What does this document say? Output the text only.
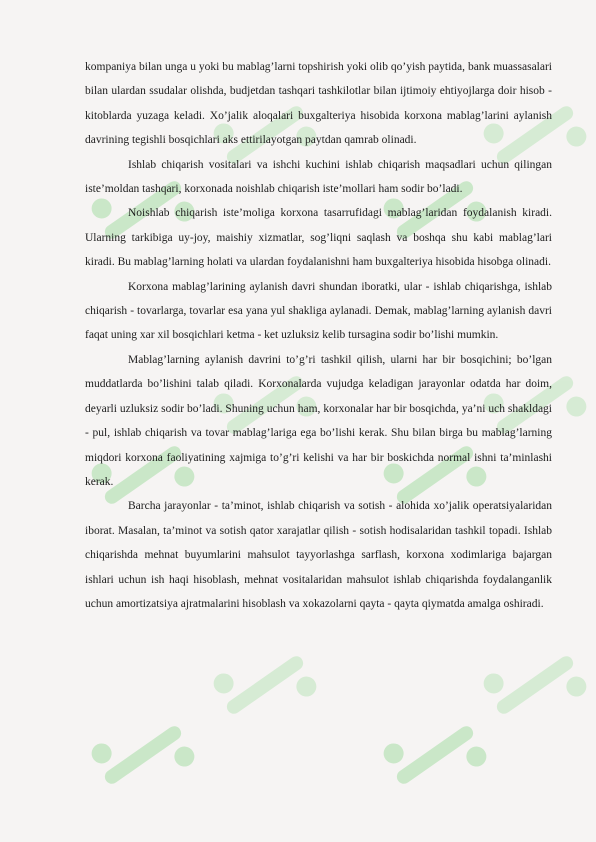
kompaniya bilan unga u yoki bu mablag’larni topshirish yoki olib qo’yish paytida, bank muassasalari bilan ulardan ssudalar olishda, budjetdan tashqari tashkilotlar bilan ijtimoiy ehtiyojlarga doir hisob - kitoblarda yuzaga keladi. Xo’jalik aloqalari buxgalteriya hisobida korxona mablag’larini aylanish davrining tegishli bosqichlari aks ettirilayotgan paytdan qamrab olinadi.

Ishlab chiqarish vositalari va ishchi kuchini ishlab chiqarish maqsadlari uchun qilingan iste’moldan tashqari, korxonada noishlab chiqarish iste’mollari ham sodir bo’ladi.

Noishlab chiqarish iste’moliga korxona tasarrufidagi mablag’laridan foydalanish kiradi. Ularning tarkibiga uy-joy, maishiy xizmatlar, sog’liqni saqlash va boshqa shu kabi mablag’lari kiradi. Bu mablag’larning holati va ulardan foydalanishni ham buxgalteriya hisobida hisobga olinadi.

Korxona mablag’larining aylanish davri shundan iboratki, ular - ishlab chiqarishga, ishlab chiqarish - tovarlarga, tovarlar esa yana yul shakliga aylanadi. Demak, mablag’larning aylanish davri faqat uning xar xil bosqichlari ketma - ket uzluksiz kelib tursagina sodir bo’lishi mumkin.

Mablag’larning aylanish davrini to’g’ri tashkil qilish, ularni har bir bosqichini; bo’lgan muddatlarda bo’lishini talab qiladi. Korxonalarda vujudga keladigan jarayonlar odatda har doim, deyarli uzluksiz sodir bo’ladi. Shuning uchun ham, korxonalar har bir bosqichda, ya’ni uch shakldagi - pul, ishlab chiqarish va tovar mablag’lariga ega bo’lishi kerak. Shu bilan birga bu mablag’larning miqdori korxona faoliyatining xajmiga to’g’ri kelishi va har bir boskichda normal ishni ta’minlashi kerak.

Barcha jarayonlar - ta’minot, ishlab chiqarish va sotish - alohida xo’jalik operatsiyalaridan iborat. Masalan, ta’minot va sotish qator xarajatlar qilish - sotish hodisalaridan tashkil topadi. Ishlab chiqarishda mehnat buyumlarini mahsulot tayyorlashga sarflash, korxona xodimlariga bajargan ishlari uchun ish haqi hisoblash, mehnat vositalaridan mahsulot ishlab chiqarishda foydalanganlik uchun amortizatsiya ajratmalarini hisoblash va xokazolarni qayta - qayta qiymatda amalga oshiradi.
